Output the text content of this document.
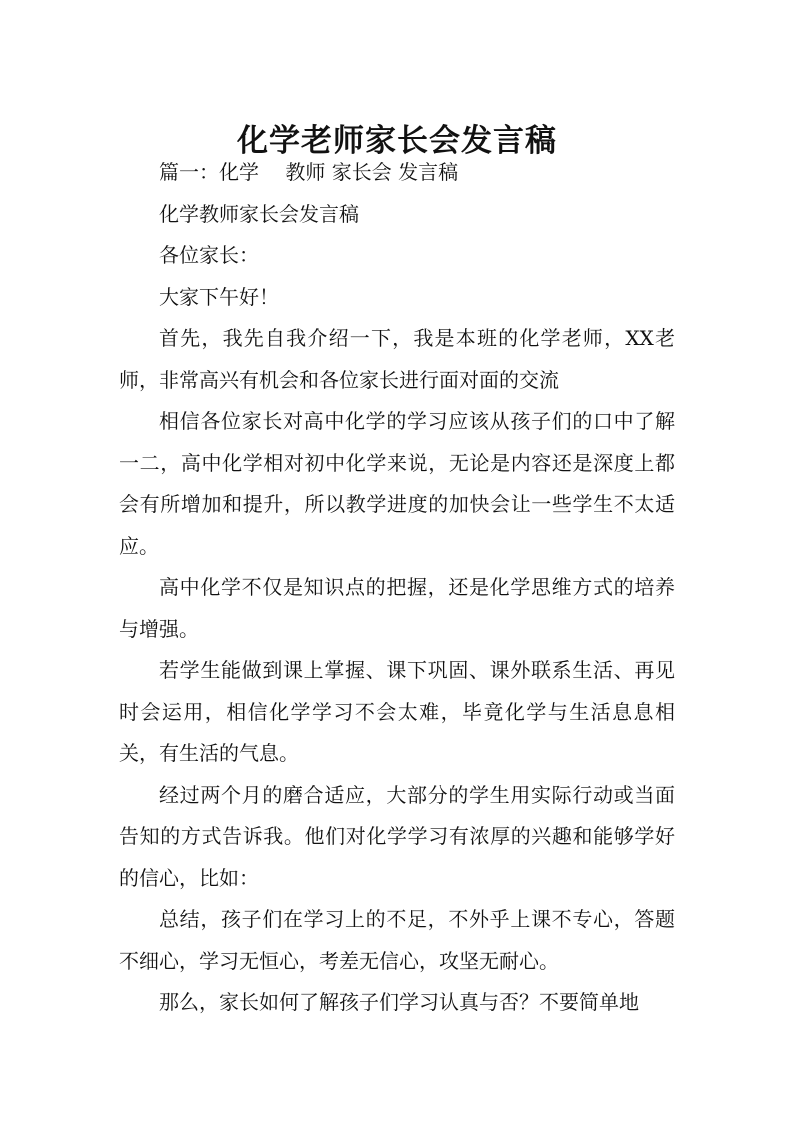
化学老师家长会发言稿

篇一：化学　 教师 家长会 发言稿

化学教师家长会发言稿

各位家长：

大家下午好！

首先，我先自我介绍一下，我是本班的化学老师，XX老师，非常高兴有机会和各位家长进行面对面的交流

相信各位家长对高中化学的学习应该从孩子们的口中了解一二，高中化学相对初中化学来说，无论是内容还是深度上都会有所增加和提升，所以教学进度的加快会让一些学生不太适应。

高中化学不仅是知识点的把握，还是化学思维方式的培养与增强。

若学生能做到课上掌握、课下巩固、课外联系生活、再见时会运用，相信化学学习不会太难，毕竟化学与生活息息相关，有生活的气息。

经过两个月的磨合适应，大部分的学生用实际行动或当面告知的方式告诉我。他们对化学学习有浓厚的兴趣和能够学好的信心，比如：

总结，孩子们在学习上的不足，不外乎上课不专心，答题不细心，学习无恒心，考差无信心，攻坚无耐心。

那么，家长如何了解孩子们学习认真与否？不要简单地
